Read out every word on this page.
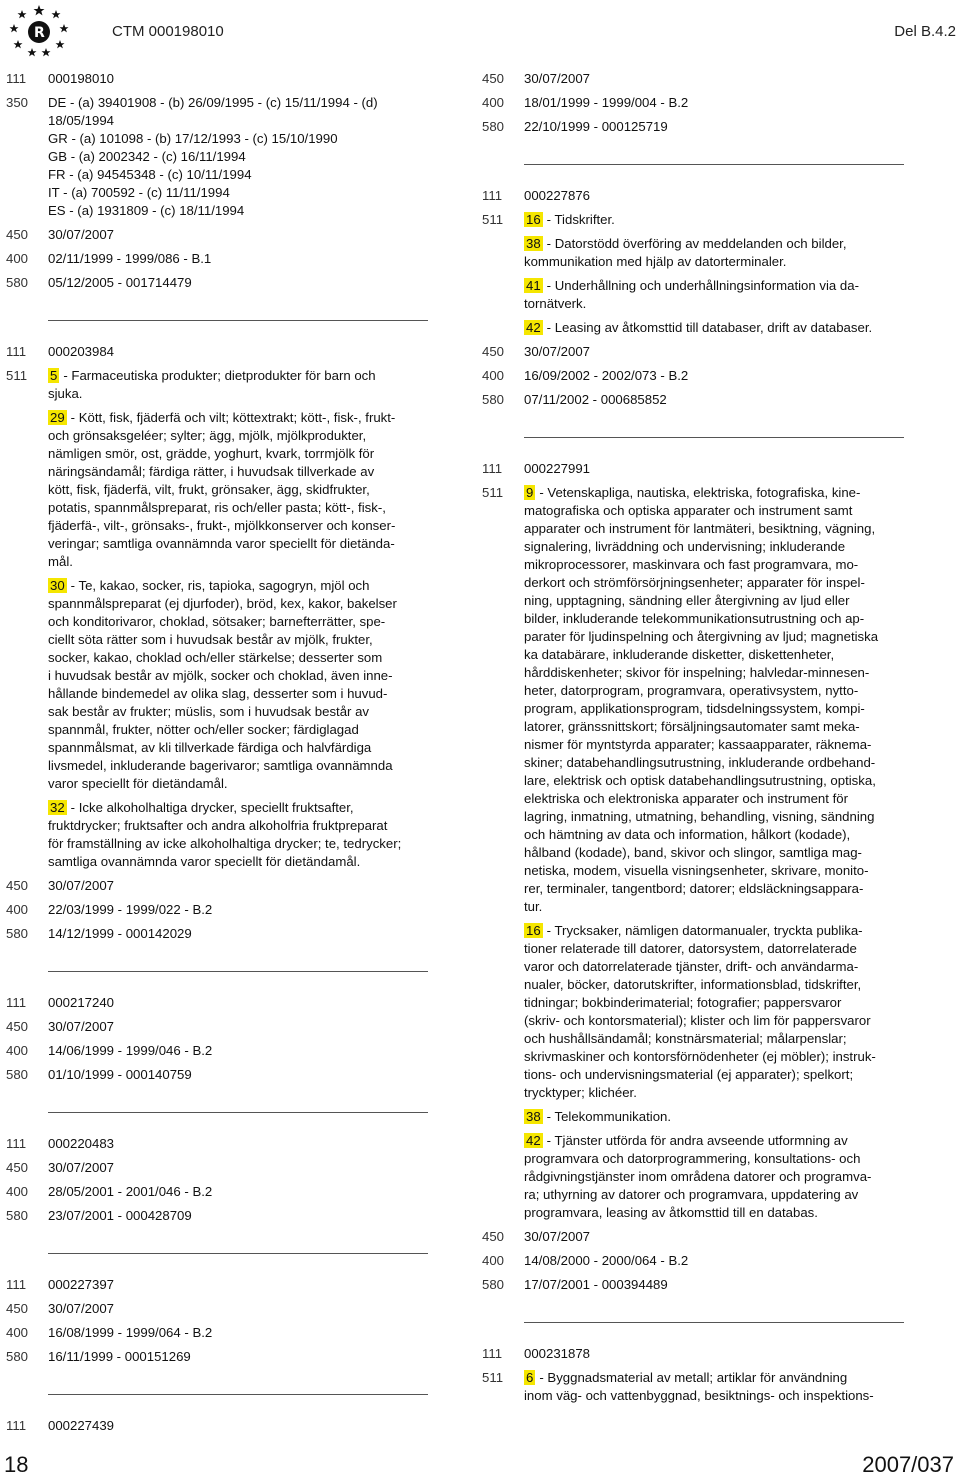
R	CTM 000198010	Del B.4.2
111	000198010
350	DE - (a) 39401908 - (b) 26/09/1995 - (c) 15/11/1994 - (d)
18/05/1994
GR - (a) 101098 - (b) 17/12/1993 - (c) 15/10/1990
GB - (a) 2002342 - (c) 16/11/1994
FR - (a) 94545348 - (c) 10/11/1994
IT - (a) 700592 - (c) 11/11/1994
ES - (a) 1931809 - (c) 18/11/1994
450	30/07/2007
400	02/11/1999 - 1999/086 - B.1
580	05/12/2005 - 001714479
111	000203984
511	5 - Farmaceutiska produkter; dietprodukter för barn och
sjuka.
29 - Kött, fisk, fjäderfä och vilt; köttextrakt; kött-, fisk-, frukt-
och grönsaksgeléer; sylter; ägg, mjölk, mjölkprodukter,
nämligen smör, ost, grädde, yoghurt, kvark, torrmjölk för
näringsändamål; färdiga rätter, i huvudsak tillverkade av
kött, fisk, fjäderfä, vilt, frukt, grönsaker, ägg, skidfrukter,
potatis, spannmålspreparat, ris och/eller pasta; kött-, fisk-,
fjäderfä-, vilt-, grönsaks-, frukt-, mjölkkonserver och konser-
veringar; samtliga ovannämnda varor speciellt för dietända-
mål.
30 - Te, kakao, socker, ris, tapioka, sagogryn, mjöl och
spannmålspreparat (ej djurfoder), bröd, kex, kakor, bakelser
och konditorivaror, choklad, sötsaker; barnefterrätter, spe-
ciellt söta rätter som i huvudsak består av mjölk, frukter,
socker, kakao, choklad och/eller stärkelse; desserter som
i huvudsak består av mjölk, socker och choklad, även inne-
hållande bindemedel av olika slag, desserter som i huvud-
sak består av frukter; müslis, som i huvudsak består av
spannmål, frukter, nötter och/eller socker; färdiglagad
spannmålsmat, av kli tillverkade färdiga och halvfärdiga
livsmedel, inkluderande bagerivaror; samtliga ovannämnda
varor speciellt för dietändamål.
32 - Icke alkoholhaltiga drycker, speciellt fruktsafter,
fruktdrycker; fruktsafter och andra alkoholfria fruktpreparat
för framställning av icke alkoholhaltiga drycker; te, tedrycker;
samtliga ovannämnda varor speciellt för dietändamål.
450	30/07/2007
400	22/03/1999 - 1999/022 - B.2
580	14/12/1999 - 000142029
111	000217240
450	30/07/2007
400	14/06/1999 - 1999/046 - B.2
580	01/10/1999 - 000140759
111	000220483
450	30/07/2007
400	28/05/2001 - 2001/046 - B.2
580	23/07/2001 - 000428709
111	000227397
450	30/07/2007
400	16/08/1999 - 1999/064 - B.2
580	16/11/1999 - 000151269
111	000227439
450	30/07/2007
400	18/01/1999 - 1999/004 - B.2
580	22/10/1999 - 000125719
111	000227876
511	16 - Tidskrifter.
38 - Datorstödd överföring av meddelanden och bilder,
kommunikation med hjälp av datorterminaler.
41 - Underhållning och underhållningsinformation via da-
tornätverk.
42 - Leasing av åtkomsttid till databaser, drift av databaser.
450	30/07/2007
400	16/09/2002 - 2002/073 - B.2
580	07/11/2002 - 000685852
111	000227991
511	9 - Vetenskapliga, nautiska, elektriska, fotografiska, kine-
matografiska och optiska apparater och instrument samt
apparater och instrument för lantmäteri, besiktning, vägning,
signalering, livräddning och undervisning; inkluderande
mikroprocessorer, maskinvara och fast programvara, mo-
derkort och strömförsörjningsenheter; apparater för inspel-
ning, upptagning, sändning eller återgivning av ljud eller
bilder, inkluderande telekommunikationsutrustning och ap-
parater för ljudinspelning och återgivning av ljud; magnetiska
ka databärare, inkluderande disketter, diskettenheter,
hårddiskenheter; skivor för inspelning; halvledar-minnesen-
heter, datorprogram, programvara, operativsystem, nytto-
program, applikationsprogram, tidsdelningssystem, kompi-
latorer, gränssnittskort; försäljningsautomater samt meka-
nismer för myntstyrda apparater; kassaapparater, räknema-
skiner; databehandlingsutrustning, inkluderande ordbehand-
lare, elektrisk och optisk databehandlingsutrustning, optiska,
elektriska och elektroniska apparater och instrument för
lagring, inmatning, utmatning, behandling, visning, sändning
och hämtning av data och information, hålkort (kodade),
hålband (kodade), band, skivor och slingor, samtliga mag-
netiska, modem, visuella visningsenheter, skrivare, monito-
rer, terminaler, tangentbord; datorer; eldsläckningsappara-
tur.
16 - Trycksaker, nämligen datormanualer, tryckta publika-
tioner relaterade till datorer, datorsystem, datorrelaterade
varor och datorrelaterade tjänster, drift- och användarma-
nualer, böcker, datorutskrifter, informationsblad, tidskrifter,
tidningar; bokbinderimaterial; fotografier; pappersvaror
(skriv- och kontorsmaterial); klister och lim för pappersvaror
och hushållsändamål; konstnärsmaterial; målarpenslar;
skrivmaskiner och kontorsförnödenheter (ej möbler); instruk-
tions- och undervisningsmaterial (ej apparater); spelkort;
trycktyper; klichéer.
38 - Telekommunikation.
42 - Tjänster utförda för andra avseende utformning av
programvara och datorprogrammering, konsultations- och
rådgivningstjänster inom områdena datorer och programva-
ra; uthyrning av datorer och programvara, uppdatering av
programvara, leasing av åtkomsttid till en databas.
450	30/07/2007
400	14/08/2000 - 2000/064 - B.2
580	17/07/2001 - 000394489
111	000231878
511	6 - Byggnadsmaterial av metall; artiklar för användning
inom väg- och vattenbyggnad, besiktnings- och inspektions-
18	2007/037
